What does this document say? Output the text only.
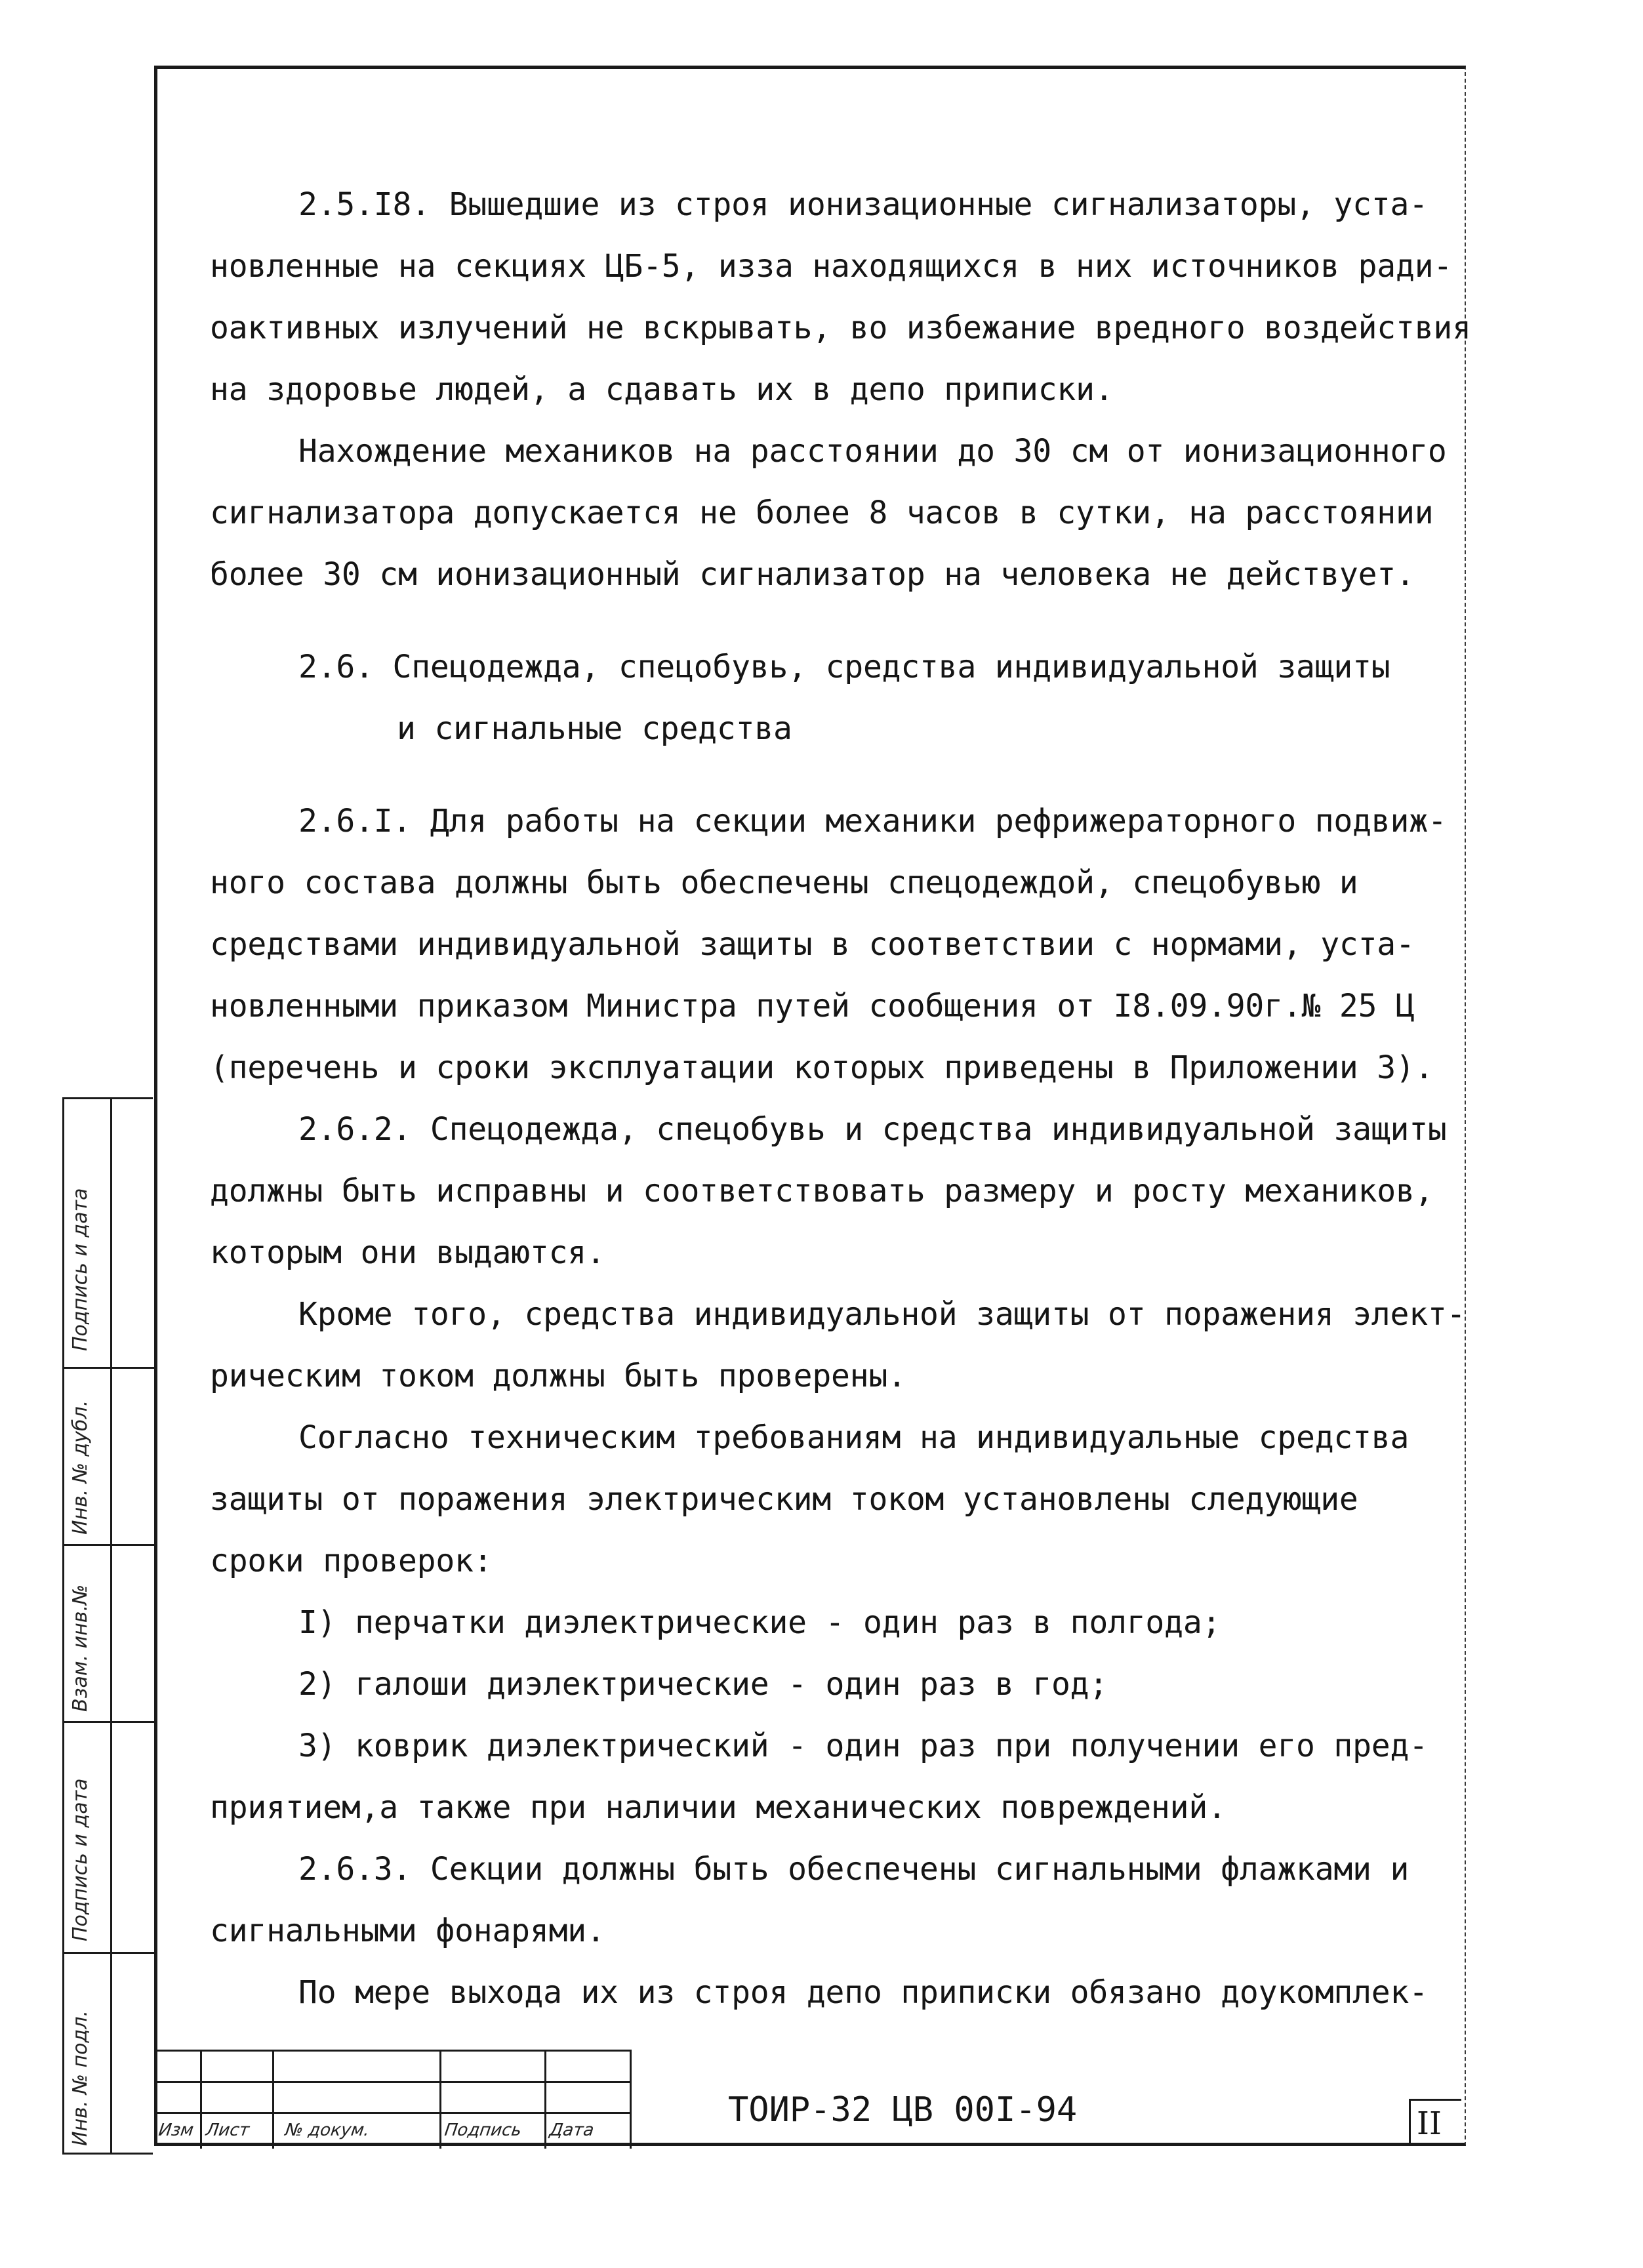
2.5.I8. Вышедшие из строя ионизационные сигнализаторы, уста-

новленные на секциях ЦБ-5, изза находящихся в них источников ради-

оактивных излучений не вскрывать, во избежание вредного воздействия

на здоровье людей, а сдавать их в депо приписки.

Нахождение механиков на расстоянии до 30 см от ионизационного

сигнализатора допускается не более 8 часов в сутки, на расстоянии

более 30 см ионизационный сигнализатор на человека не действует.

2.6. Спецодежда, спецобувь, средства индивидуальной защиты

и сигнальные средства

2.6.I. Для работы на секции механики рефрижераторного подвиж-

ного состава должны быть обеспечены спецодеждой, спецобувью и

средствами индивидуальной защиты в соответствии с нормами, уста-

новленными приказом Министра путей сообщения от I8.09.90г.№ 25 Ц

(перечень и сроки эксплуатации которых приведены в Приложении 3).

2.6.2. Спецодежда, спецобувь и средства индивидуальной защиты

должны быть исправны и соответствовать размеру и росту механиков,

которым они выдаются.

Кроме того, средства индивидуальной защиты от поражения элект-

рическим током должны быть проверены.

Согласно техническим требованиям на индивидуальные средства

защиты от поражения электрическим током установлены следующие

сроки проверок:

I) перчатки диэлектрические - один раз в полгода;

2) галоши диэлектрические - один раз в год;

3) коврик диэлектрический - один раз при получении его пред-

приятием,а также при наличии механических повреждений.

2.6.3. Секции должны быть обеспечены сигнальными флажками и

сигнальными фонарями.

По мере выхода их из строя депо приписки обязано доукомплек-

Изм Лист № докум.	Подпись Дата
ТОИР-32 ЦВ 00I-94	II
Инв. № подл.
Подпись и дата
Взам. инв.№
Инв. № дубл.
Подпись и дата
